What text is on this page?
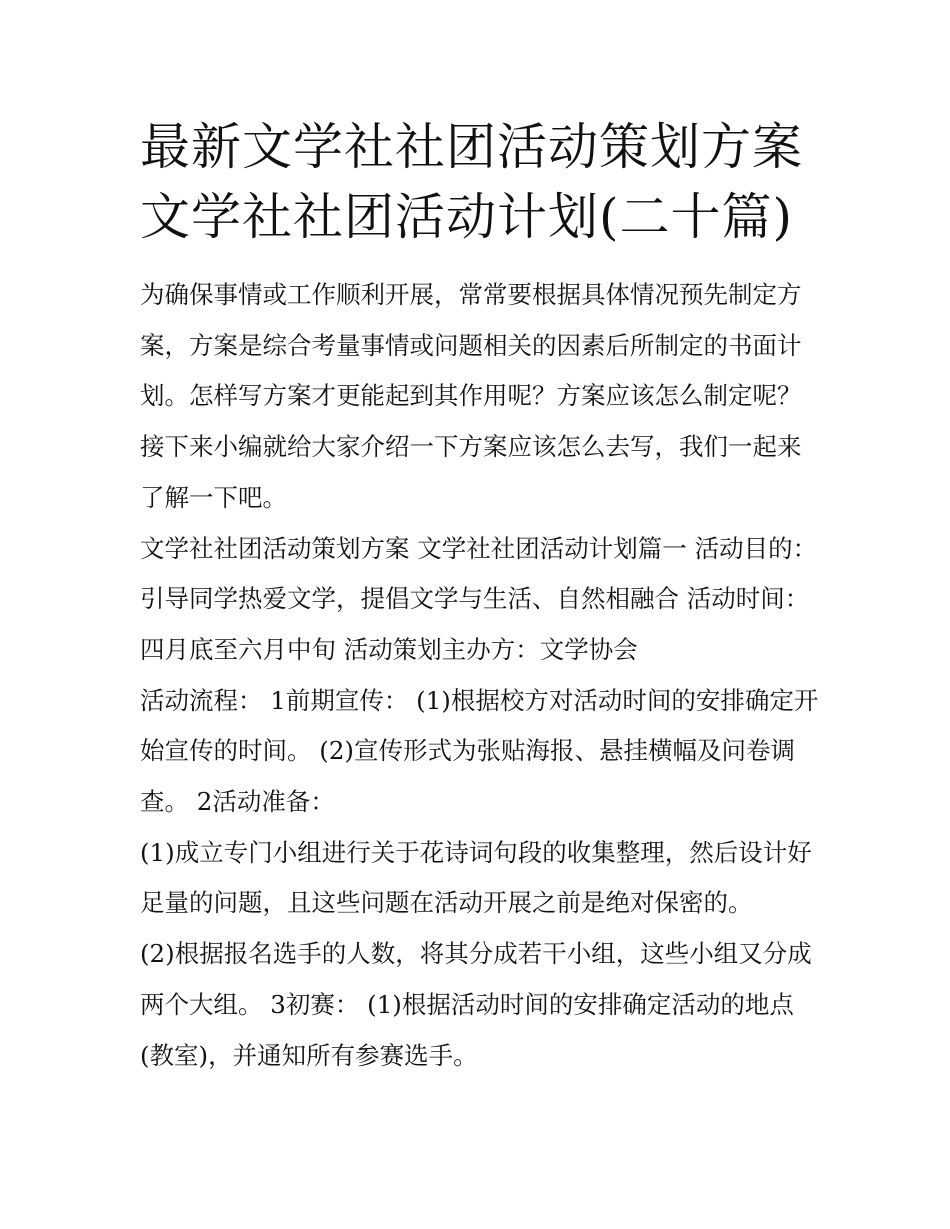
最新文学社社团活动策划方案
文学社社团活动计划(二十篇)

为确保事情或工作顺利开展，常常要根据具体情况预先制定方案，方案是综合考量事情或问题相关的因素后所制定的书面计划。怎样写方案才更能起到其作用呢？方案应该怎么制定呢？接下来小编就给大家介绍一下方案应该怎么去写，我们一起来了解一下吧。

文学社社团活动策划方案 文学社社团活动计划篇一 活动目的：引导同学热爱文学，提倡文学与生活、自然相融合 活动时间：四月底至六月中旬 活动策划主办方：文学协会

活动流程： 1前期宣传： (1)根据校方对活动时间的安排确定开始宣传的时间。 (2)宣传形式为张贴海报、悬挂横幅及问卷调查。 2活动准备：

(1)成立专门小组进行关于花诗词句段的收集整理，然后设计好足量的问题，且这些问题在活动开展之前是绝对保密的。

(2)根据报名选手的人数，将其分成若干小组，这些小组又分成两个大组。 3初赛： (1)根据活动时间的安排确定活动的地点(教室)，并通知所有参赛选手。
